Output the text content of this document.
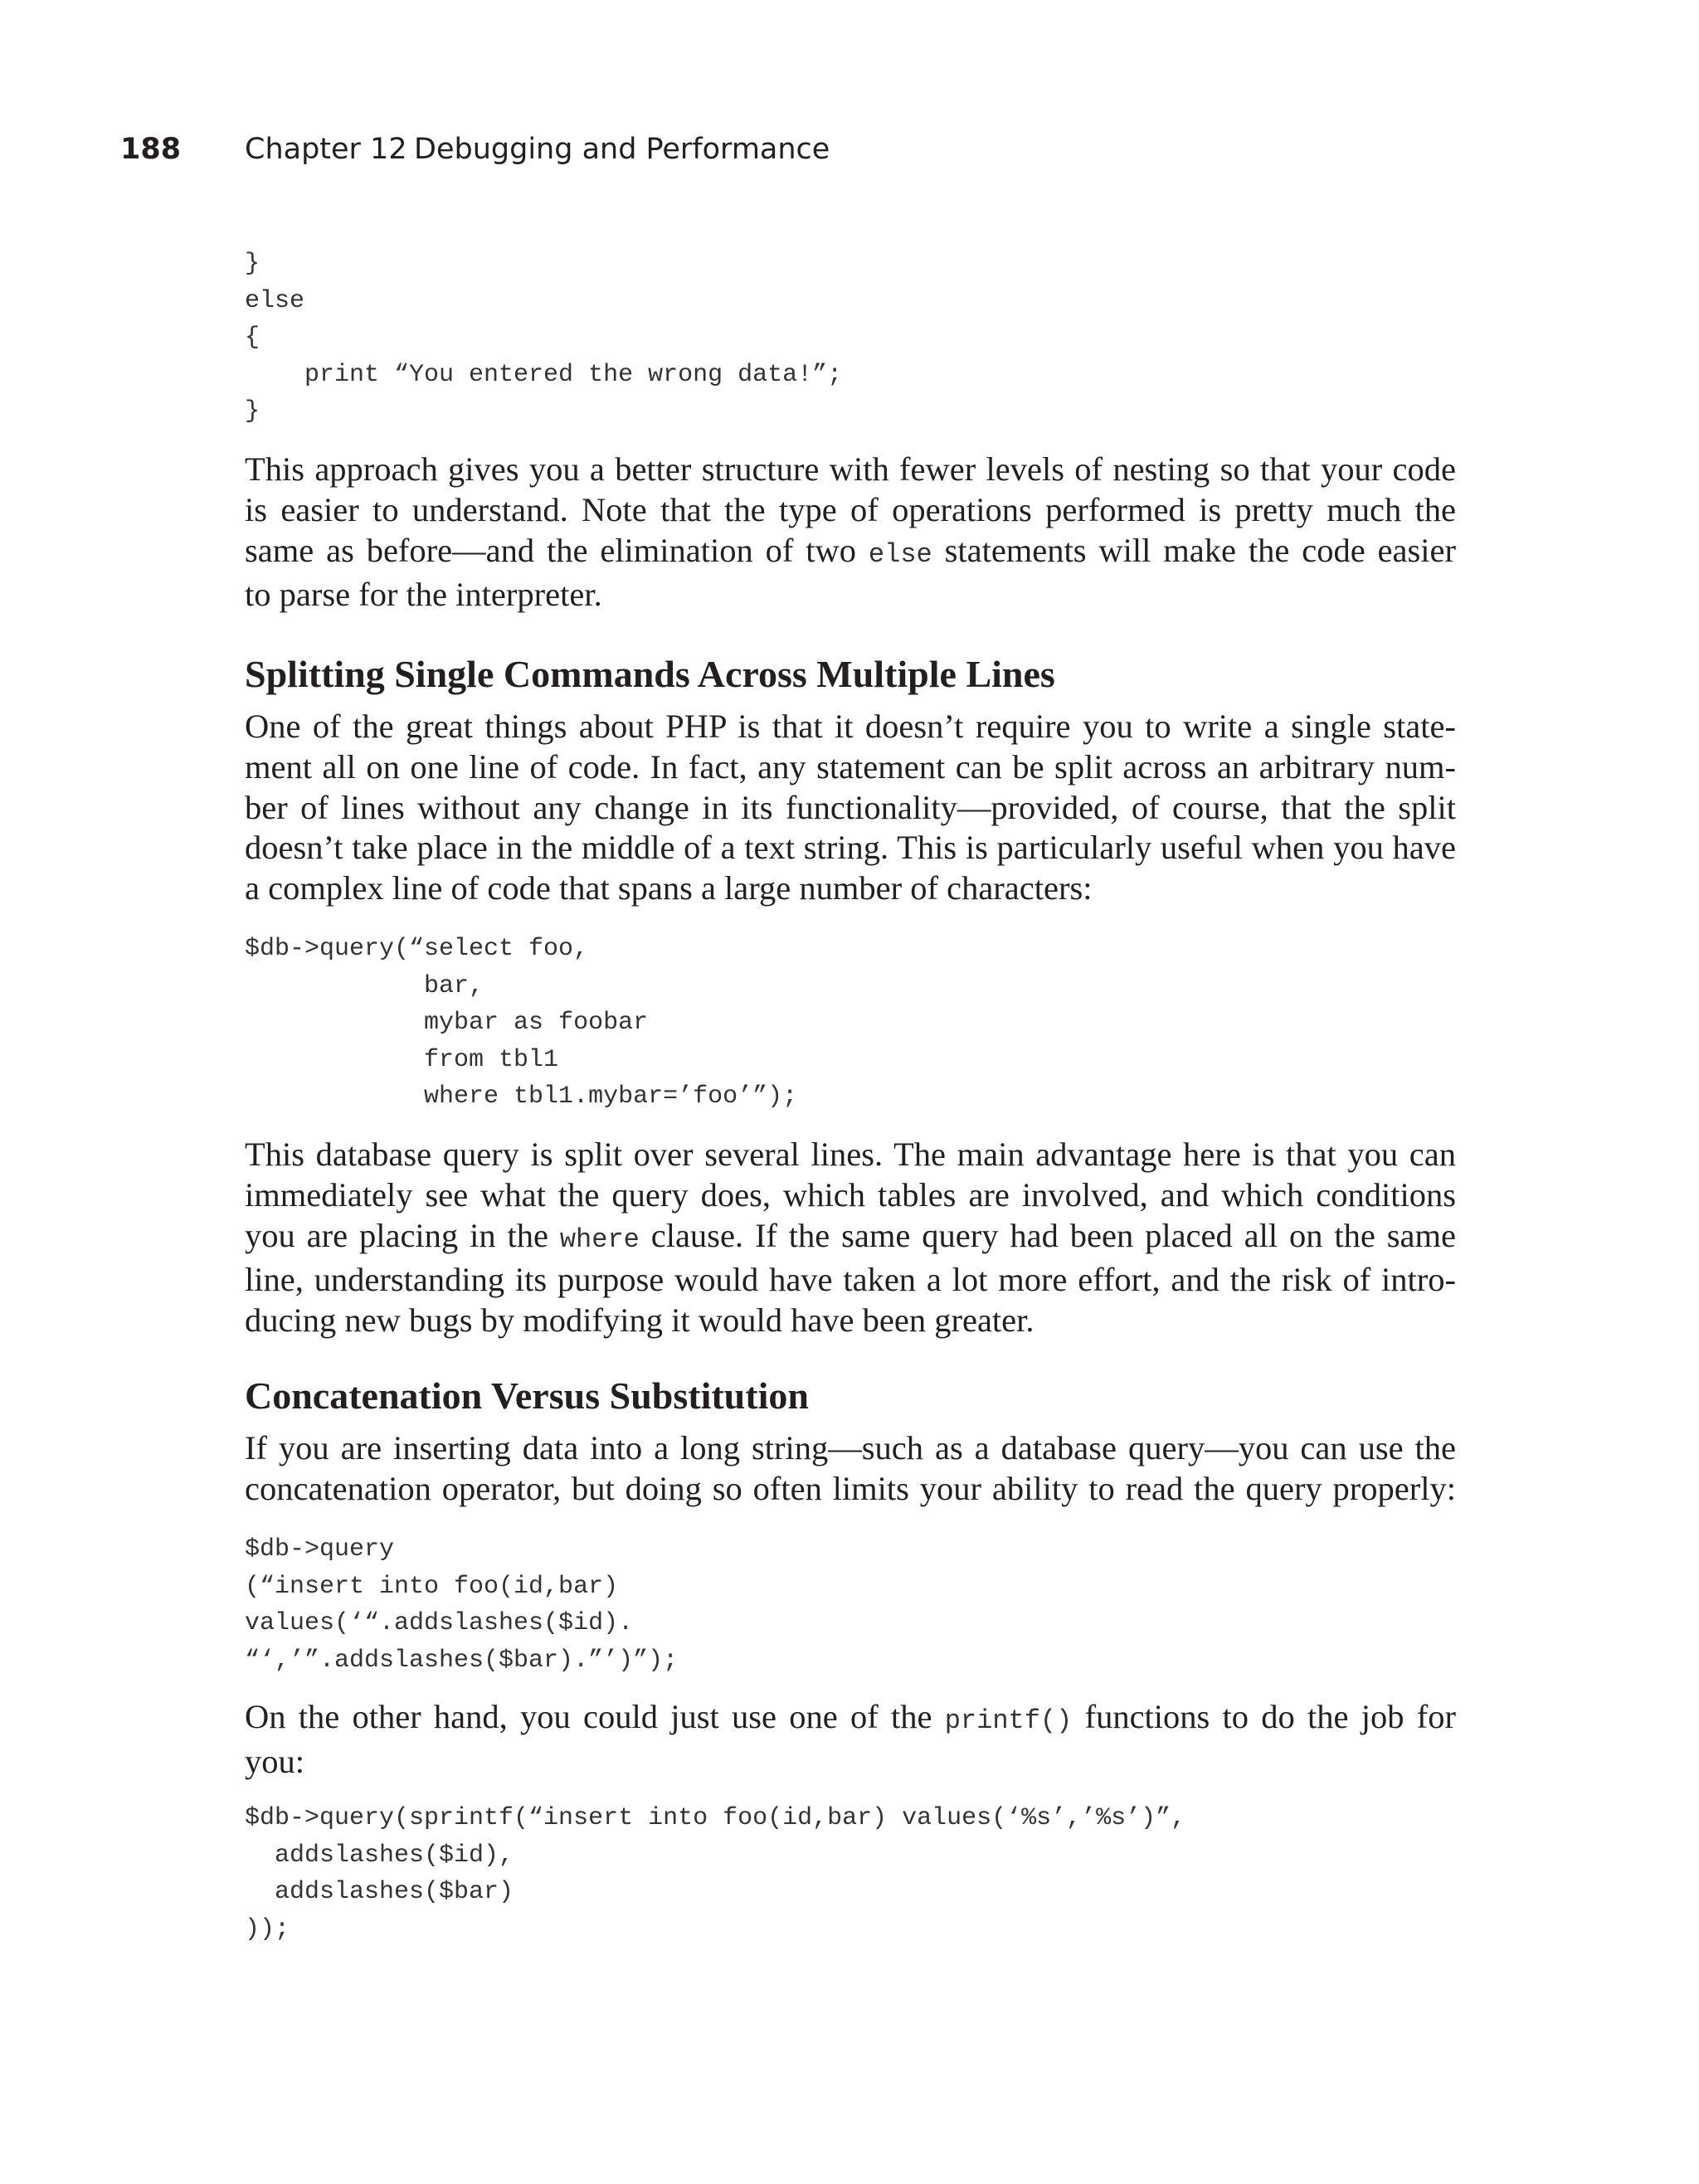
188 Chapter 12 Debugging and Performance
}
else
{
print “You entered the wrong data!”;
}

This approach gives you a better structure with fewer levels of nesting so that your code
is easier to understand. Note that the type of operations performed is pretty much the
same as before—and the elimination of two else statements will make the code easier
to parse for the interpreter.

Splitting Single Commands Across Multiple Lines

One of the great things about PHP is that it doesn’t require you to write a single state-
ment all on one line of code. In fact, any statement can be split across an arbitrary num-
ber of lines without any change in its functionality—provided, of course, that the split
doesn’t take place in the middle of a text string. This is particularly useful when you have
a complex line of code that spans a large number of characters:

$db->query(“select foo,
bar,
mybar as foobar
from tbl1
where tbl1.mybar=’foo’”);

This database query is split over several lines. The main advantage here is that you can
immediately see what the query does, which tables are involved, and which conditions
you are placing in the where clause. If the same query had been placed all on the same
line, understanding its purpose would have taken a lot more effort, and the risk of intro-
ducing new bugs by modifying it would have been greater.

Concatenation Versus Substitution

If you are inserting data into a long string—such as a database query—you can use the
concatenation operator, but doing so often limits your ability to read the query properly:

$db->query
(“insert into foo(id,bar)
values(‘“.addslashes($id).
“‘,’”.addslashes($bar).”’)”);

On the other hand, you could just use one of the printf() functions to do the job for
you:

$db->query(sprintf(“insert into foo(id,bar) values(‘%s’,’%s’)”,
addslashes($id),
addslashes($bar)
));
